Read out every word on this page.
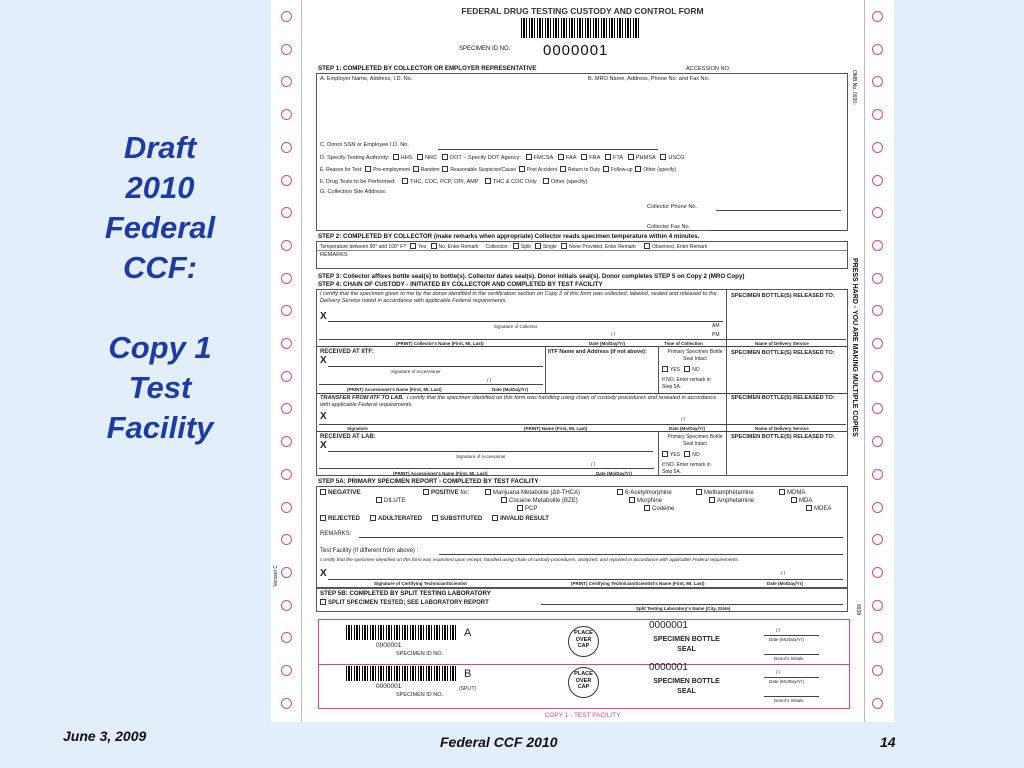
Draft
2010
Federal
CCF:
Copy 1
Test
Facility
June 3, 2009	Federal CCF 2010	14
FEDERAL DRUG TESTING CUSTODY AND CONTROL FORM
SPECIMEN ID NO. 0000001
OMB No. 0930-
PRESS HARD - YOU ARE MAKING MULTIPLE COPIES
Version C
8938
STEP 1: COMPLETED BY COLLECTOR OR EMPLOYER REPRESENTATIVE	ACCESSION NO.
A. Employer Name, Address, I.D. No.	B. MRO Name, Address, Phone No. and Fax No.
C. Donor SSN or Employee I.D. No.
D. Specify Testing Authority: HHS NRC DOT – Specify DOT Agency: FMCSA FAA FRA FTA PHMSA USCG
E. Reason for Test: Pre-employment Random Reasonable Suspicion/Cause Post Accident Return to Duty Follow-up Other (specify)
F. Drug Tests to be Performed:	THC, COC, PCP, OPI, AMP	THC & COC Only	Other (specify)
G. Collection Site Address:
Collector Phone No.
Collector Fax No.
STEP 2: COMPLETED BY COLLECTOR (make remarks when appropriate) Collector reads specimen temperature within 4 minutes.
Temperature between 90° and 100° F? Yes No, Enter Remark Collection: Split Single None Provided, Enter Remark	Observed, Enter Remark
REMARKS
STEP 3: Collector affixes bottle seal(s) to bottle(s). Collector dates seal(s). Donor initials seal(s). Donor completes STEP 5 on Copy 2 (MRO Copy)
STEP 4: CHAIN OF CUSTODY - INITIATED BY COLLECTOR AND COMPLETED BY TEST FACILITY
I certify that the specimen given to me by the donor identified in the certification section on Copy 2 of this form was collected, labeled, sealed and released to the Delivery Service noted in accordance with applicable Federal requirements.
SPECIMEN BOTTLE(S) RELEASED TO:
X
Signature of Collector	AM
PM
/ /
(PRINT) Collector's Name (First, MI, Last)	Date (Mo/Day/Yr)	Time of Collection	Name of Delivery Service
RECEIVED AT IITF:	IITF Name and Address (if not above):	Primary Specimen Bottle Seal Intact
YES NO
If NO, Enter remark in Step 5A.
SPECIMEN BOTTLE(S) RELEASED TO:
X
Signature of Accessioner
/ /
(PRINT) Accessioner's Name (First, MI, Last)	Date (Mo/Day/Yr)
TRANSFER FROM IITF TO LAB. I certify that the specimen identified on this form was handling using chain of custody procedures and resealed in accordance with applicable Federal requirements.
SPECIMEN BOTTLE(S) RELEASED TO:
X	/ /
Signature	(PRINT) Name (First, MI, Last)	Date (Mo/Day/Yr)	Name of Delivery Service
RECEIVED AT LAB:	Primary Specimen Bottle Seal Intact
YES NO
If NO, Enter remark in Step 5A.
SPECIMEN BOTTLE(S) RELEASED TO:
X
Signature of Accessioner
/ /
(PRINT) Accessioner's Name (First, MI, Last)	Date (Mo/Day/Yr)
STEP 5A: PRIMARY SPECIMEN REPORT - COMPLETED BY TEST FACILITY
NEGATIVE
DILUTE
POSITIVE for:	Marijuana Metabolite (Δ9-THCA)
Cocaine Metabolite (BZE)
PCP
6-Acetylmorphine
Morphine
Codeine
Methamphetamine
Amphetamine
MDMA
MDA
MDEA
REJECTED	ADULTERATED	SUBSTITUTED	INVALID RESULT
REMARKS:
Test Facility (if different from above) :
I certify that the specimen identified on this form was examined upon receipt, handled using chain of custody procedures, analyzed, and reported in accordance with applicable Federal requirements.
X	/ /
Signature of Certifying Technician/Scientist	(PRINT) Certifying Technician/Scientist's Name (First, MI, Last)	Date (Mo/Day/Yr)
STEP 5B: COMPLETED BY SPLIT TESTING LABORATORY
SPLIT SPECIMEN TESTED; SEE LABORATORY REPORT
Split Testing Laboratory's Name (City, State)
0000001
SPECIMEN ID NO.
A	PLACE
OVER
CAP
0000001
SPECIMEN BOTTLE
SEAL
/ /
Date (Mo/Day/Yr)
Donor's Initials
0000001
SPECIMEN ID NO.
B
(SPLIT)
PLACE
OVER
CAP
0000001
SPECIMEN BOTTLE
SEAL
/ /
Date (Mo/Day/Yr)
Donor's Initials
COPY 1 - TEST FACILITY
